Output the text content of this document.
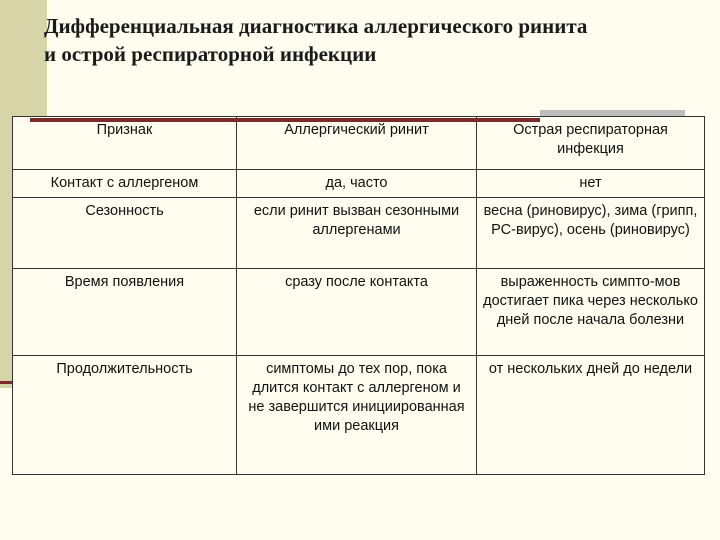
Дифференциальная диагностика аллергического ринита
и острой респираторной инфекции
Признак	Аллергический ринит	Острая респираторная инфекция
Контакт с аллергеном	да, часто	нет
Сезонность	если ринит вызван сезонными аллергенами	весна (риновирус), зима (грипп, РС-вирус), осень (риновирус)
Время появления	сразу после контакта	выраженность симпто-мов достигает пика через несколько дней после начала болезни
Продолжительность	симптомы до тех пор, пока длится контакт с аллергеном и не завершится инициированная ими реакция	от нескольких дней до недели
